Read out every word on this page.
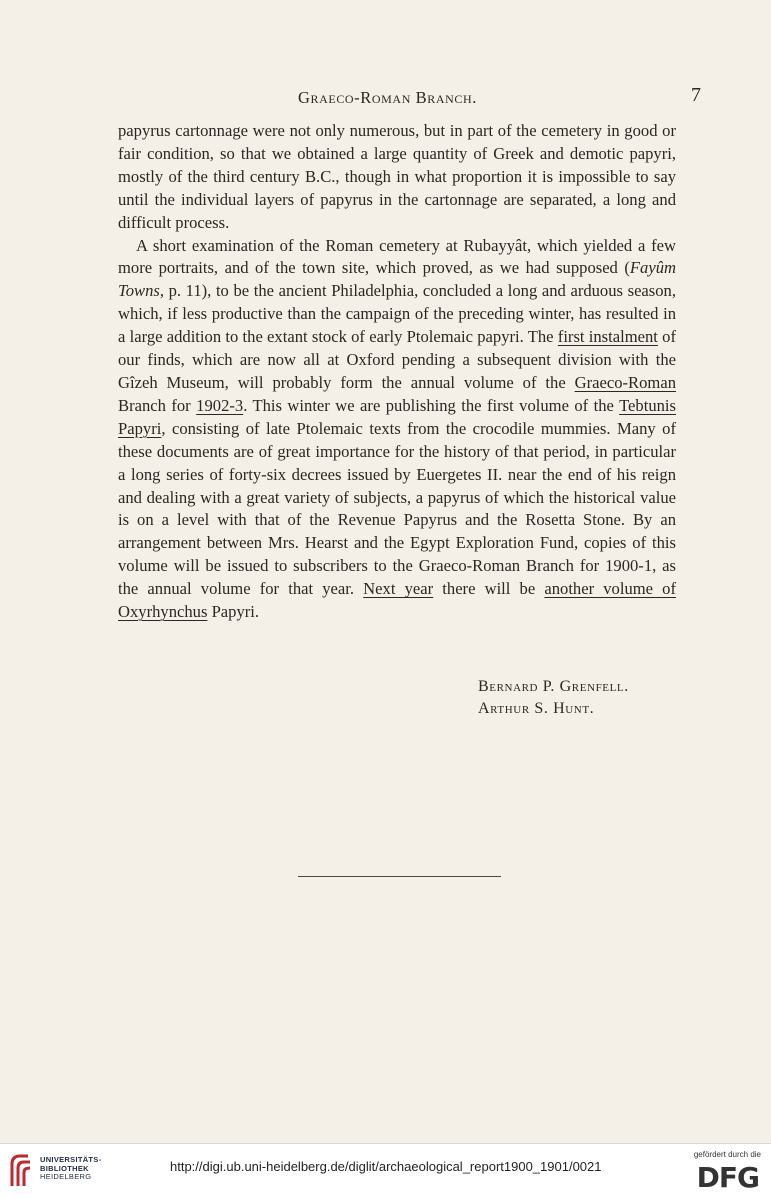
Graeco-Roman Branch.	7

papyrus cartonnage were not only numerous, but in part of the cemetery in good or fair condition, so that we obtained a large quantity of Greek and demotic papyri, mostly of the third century B.C., though in what proportion it is impossible to say until the individual layers of papyrus in the cartonnage are separated, a long and difficult process.

A short examination of the Roman cemetery at Rubayyât, which yielded a few more portraits, and of the town site, which proved, as we had supposed (Fayûm Towns, p. 11), to be the ancient Philadelphia, concluded a long and arduous season, which, if less productive than the campaign of the preceding winter, has resulted in a large addition to the extant stock of early Ptolemaic papyri. The first instalment of our finds, which are now all at Oxford pending a subsequent division with the Gîzeh Museum, will probably form the annual volume of the Graeco-Roman Branch for 1902-3. This winter we are publishing the first volume of the Tebtunis Papyri, consisting of late Ptolemaic texts from the crocodile mummies. Many of these documents are of great importance for the history of that period, in particular a long series of forty-six decrees issued by Euergetes II. near the end of his reign and dealing with a great variety of subjects, a papyrus of which the historical value is on a level with that of the Revenue Papyrus and the Rosetta Stone. By an arrangement between Mrs. Hearst and the Egypt Exploration Fund, copies of this volume will be issued to subscribers to the Graeco-Roman Branch for 1900-1, as the annual volume for that year. Next year there will be another volume of Oxyrhynchus Papyri.

Bernard P. Grenfell.
Arthur S. Hunt.
UNIVERSITÄTS-
BIBLIOTHEK
HEIDELBERG
http://digi.ub.uni-heidelberg.de/diglit/archaeological_report1900_1901/0021
gefördert durch die
DFG
